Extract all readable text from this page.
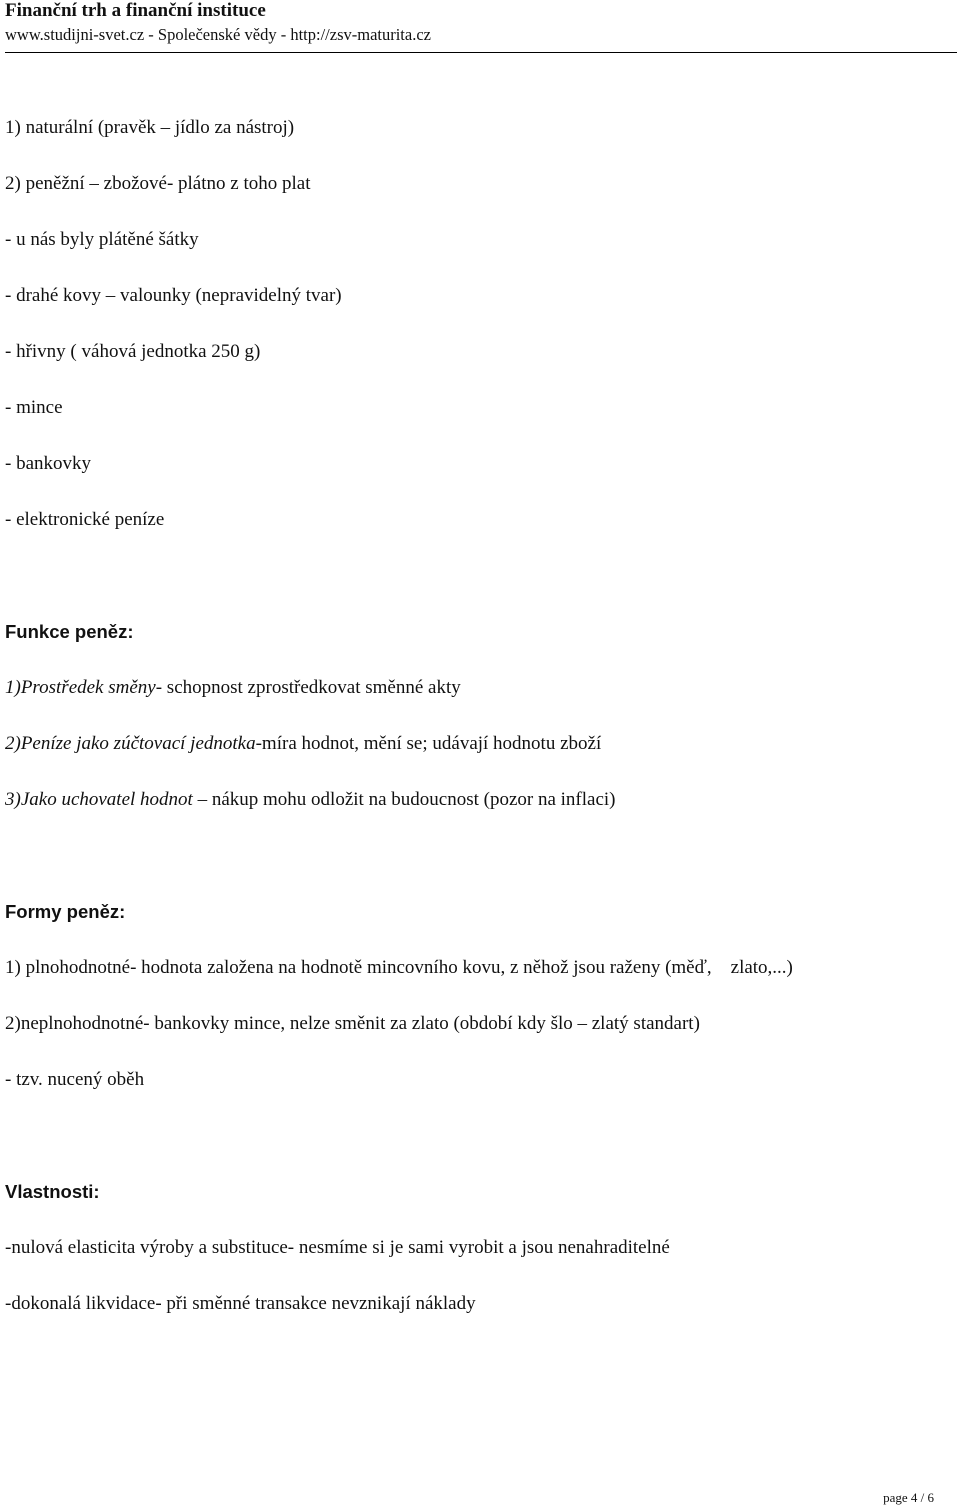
Finanční trh a finanční instituce
www.studijni-svet.cz - Společenské vědy - http://zsv-maturita.cz
1) naturální (pravěk – jídlo za nástroj)
2) peněžní – zbožové- plátno z toho plat
- u nás byly plátěné šátky
- drahé kovy – valounky (nepravidelný tvar)
- hřivny ( váhová jednotka 250 g)
- mince
- bankovky
- elektronické peníze
Funkce peněz:
1)Prostředek směny- schopnost zprostředkovat směnné akty
2)Peníze jako zúčtovací jednotka-míra hodnot, mění se; udávají hodnotu zboží
3)Jako uchovatel hodnot – nákup mohu odložit na budoucnost (pozor na inflaci)
Formy peněz:
1) plnohodnotné- hodnota založena na hodnotě mincovního kovu, z něhož jsou raženy (měď,    zlato,...)
2)neplnohodnotné- bankovky mince, nelze směnit za zlato (období kdy šlo – zlatý standart)
- tzv. nucený oběh
Vlastnosti:
-nulová elasticita výroby a substituce- nesmíme si je sami vyrobit a jsou nenahraditelné
-dokonalá likvidace- při směnné transakce nevznikají náklady
page 4 / 6
